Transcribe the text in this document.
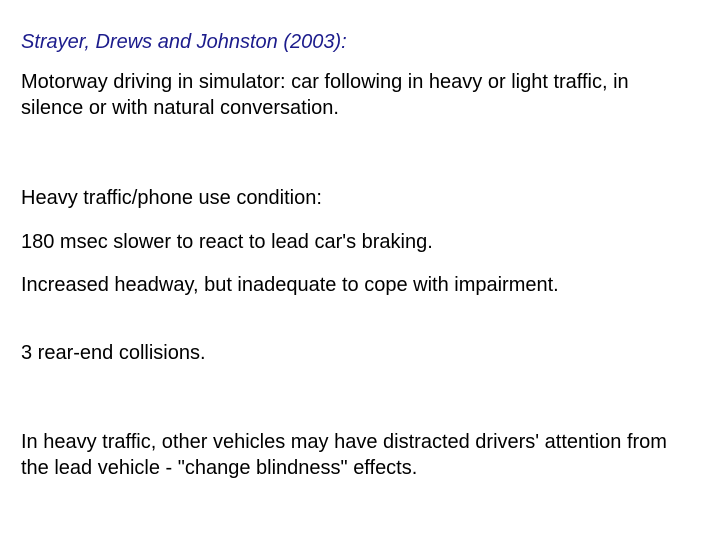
Strayer, Drews and Johnston (2003):

Motorway driving in simulator: car following in heavy or light traffic, in silence or with natural conversation.

Heavy traffic/phone use condition:

180 msec slower to react to lead car's braking.

Increased headway, but inadequate to cope with impairment.

3 rear-end collisions.

In heavy traffic, other vehicles may have distracted drivers' attention from the lead vehicle - "change blindness" effects.
